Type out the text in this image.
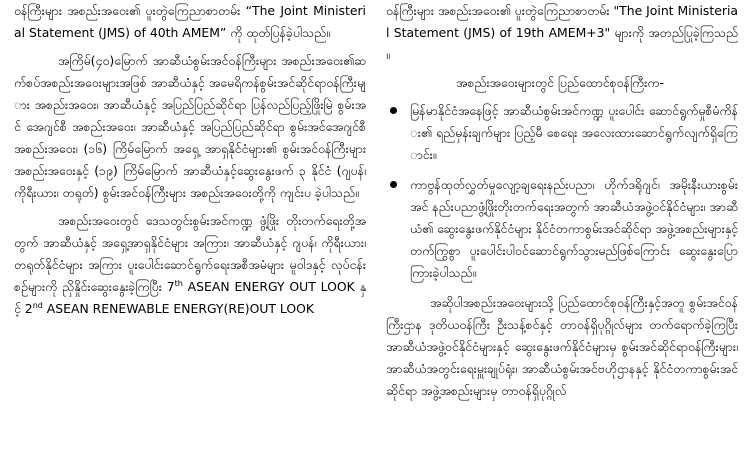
ဝန်ကြီးများ အစည်းအဝေး၏ ပူးတွဲကြေညာစာတမ်း “The Joint Ministerial Statement (JMS) of 40th AMEM” ကို ထုတ်ပြန်ခဲ့ပါသည်။

အကြိမ်(၄၀)မြောက် အာဆီယံစွမ်းအင်ဝန်ကြီးများ အစည်းအဝေး၏ဆက်စပ်အစည်းအဝေးများအဖြစ် အာဆီယံနှင့် အမေရိကန်စွမ်းအင်ဆိုင်ရာဝန်ကြီးများ အစည်းအဝေး၊ အာဆီယံနှင့် အပြည်ပြည်ဆိုင်ရာ ပြန်လည်ပြည့်ဖြိုးမြဲ စွမ်းအင် အေဂျင်စီ အစည်းအဝေး၊ အာဆီယံနှင့် အပြည်ပြည်ဆိုင်ရာ စွမ်းအင်အေဂျင်စီ အစည်းအဝေး၊ (၁၆) ကြိမ်မြောက် အရှေ့ အာရှနိုင်ငံများ၏ စွမ်းအင်ဝန်ကြီးများအစည်းအဝေးနှင့် (၁၉) ကြိမ်မြောက် အာဆီယံနှင့်ဆွေးနွေးဖက် ၃ နိုင်ငံ (ဂျပန်၊ ကိုရီးယား၊ တရုတ်) စွမ်းအင်ဝန်ကြီးများ အစည်းအဝေးတို့ကို ကျင်းပ ခဲ့ပါသည်။

အစည်းအဝေးတွင် ဒေသတွင်းစွမ်းအင်ကဏ္ဍ ဖွံ့ဖြိုး တိုးတက်ရေးတို့အတွက် အာဆီယံနှင့် အရှေ့အာရှနိုင်ငံများ အကြား၊ အာဆီယံနှင့် ဂျပန်၊ ကိုရီးယား၊ တရုတ်နိုင်ငံများ အကြား ပူးပေါင်းဆောင်ရွက်ရေးအစီအမံများ မူဝါဒနှင့် လုပ်ငန်းစဉ်များကို ညှိနှိုင်းဆွေးနွေးခဲ့ကြပြီး 7th ASEAN ENERGY OUT LOOK နှင့် 2nd ASEAN RENEWABLE ENERGY(RE)OUT LOOK

ဝန်ကြီးများ အစည်းအဝေး၏ ပူးတွဲကြေညာစာတမ်း "The Joint Ministerial Statement (JMS) of 19th AMEM+3" များကို အတည်ပြုခဲ့ကြသည်။

အစည်းအဝေးများတွင် ပြည်ထောင်စုဝန်ကြီးက-

မြန်မာနိုင်ငံအနေဖြင့် အာဆီယံစွမ်းအင်ကဏ္ဍ ပူးပေါင်း ဆောင်ရွက်မှုစီမံကိန်း၏ ရည်မှန်းချက်များ ပြည့်မီ စေရေး အလေးထားဆောင်ရွက်လျက်ရှိကြောင်း။
ကာဗွန်ထုတ်လွှတ်မှုလျော့ချရေးနည်းပညာ၊ ဟိုက်ဒရိုဂျင်၊ အမိုးနီးယားစွမ်းအင် နည်းပညာဖွံ့ဖြိုးတိုးတက်ရေးအတွက် အာဆီယံအဖွဲ့ဝင်နိုင်ငံများ၊ အာဆီယံ၏ ဆွေးနွေးဖက်နိုင်ငံများ နိုင်ငံတကာစွမ်းအင်ဆိုင်ရာ အဖွဲ့အစည်းများနှင့် တက်ကြွစွာ ပူးပေါင်းပါဝင်ဆောင်ရွက်သွားမည်ဖြစ်ကြောင်း ဆွေးနွေးပြောကြားခဲ့ပါသည်။

အဆိုပါအစည်းအဝေးများသို့ ပြည်ထောင်စုဝန်ကြီးနှင့်အတူ စွမ်းအင်ဝန်ကြီးဌာန ဒုတိယဝန်ကြီး ဦးသန့်စင်နှင့် တာဝန်ရှိပုဂ္ဂိုလ်များ တက်ရောက်ခဲ့ကြပြီး အာဆီယံအဖွဲ့ဝင်နိုင်ငံများနှင့် ဆွေးနွေးဖက်နိုင်ငံများမှ စွမ်းအင်ဆိုင်ရာဝန်ကြီးများ၊ အာဆီယံအတွင်းရေးမှူးချုပ်ရုံး၊ အာဆီယံစွမ်းအင်ဗဟိုဌာနနှင့် နိုင်ငံတကာစွမ်းအင်ဆိုင်ရာ အဖွဲ့အစည်းများမှ တာဝန်ရှိပုဂ္ဂိုလ်
